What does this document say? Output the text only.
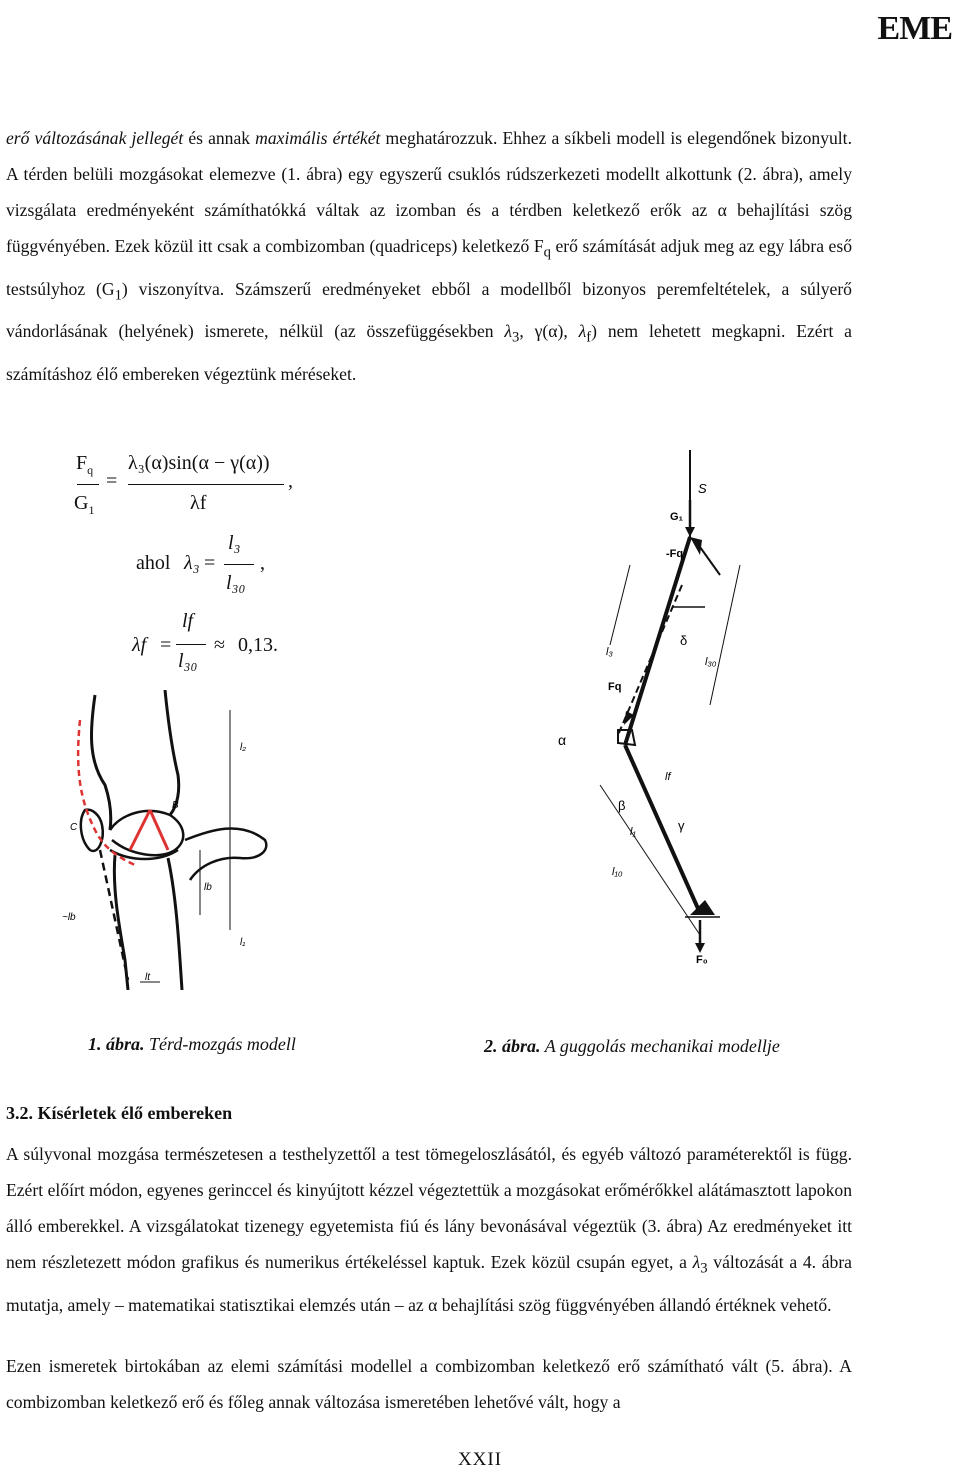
EME

erő változásának jellegét és annak maximális értékét meghatározzuk. Ehhez a síkbeli modell is elegendőnek bizonyult. A térden belüli mozgásokat elemezve (1. ábra) egy egyszerű csuklós rúdszerkezeti modellt alkottunk (2. ábra), amely vizsgálata eredményeként számíthatókká váltak az izomban és a térdben keletkező erők az α behajlítási szög függvényében. Ezek közül itt csak a combizomban (quadriceps) keletkező $F_q$ erő számítását adjuk meg az egy lábra eső testsúlyhoz $(G_1)$ viszonyítva. Számszerű eredményeket ebből a modellből bizonyos peremfeltételek, a súlyerő vándorlásának (helyének) ismerete, nélkül (az összefüggésekben $\lambda_3$, γ(α), $\lambda_f$) nem lehetett megkapni. Ezért a számításhoz élő embereken végeztünk méréseket.

$F_q$
$G_1$
=
λ₃(α)sin(α − γ(α))
λf
,
ahol λ₃ =
l₃
l₃₀
,
λf =
lf
l₃₀
≈ 0,13.
C
B
l₂
lb
l₁
~lb
lt
S
G₁
-Fq
l₃
δ
l₃₀
Fq
α
lf
β
l₁	γ
l₁₀
F₀
1. ábra. Térd-mozgás modell	2. ábra. A guggolás mechanikai modellje
3.2. Kísérletek élő embereken

A súlyvonal mozgása természetesen a testhelyzettől a test tömegeloszlásától, és egyéb változó paraméterektől is függ. Ezért előírt módon, egyenes gerinccel és kinyújtott kézzel végeztettük a mozgásokat erőmérőkkel alátámasztott lapokon álló emberekkel. A vizsgálatokat tizenegy egyetemista fiú és lány bevonásával végeztük (3. ábra) Az eredményeket itt nem részletezett módon grafikus és numerikus értékeléssel kaptuk. Ezek közül csupán egyet, a $\lambda_3$ változását a 4. ábra mutatja, amely – matematikai statisztikai elemzés után – az α behajlítási szög függvényében állandó értéknek vehető.

Ezen ismeretek birtokában az elemi számítási modellel a combizomban keletkező erő számítható vált (5. ábra). A combizomban keletkező erő és főleg annak változása ismeretében lehetővé vált, hogy a

XXII
